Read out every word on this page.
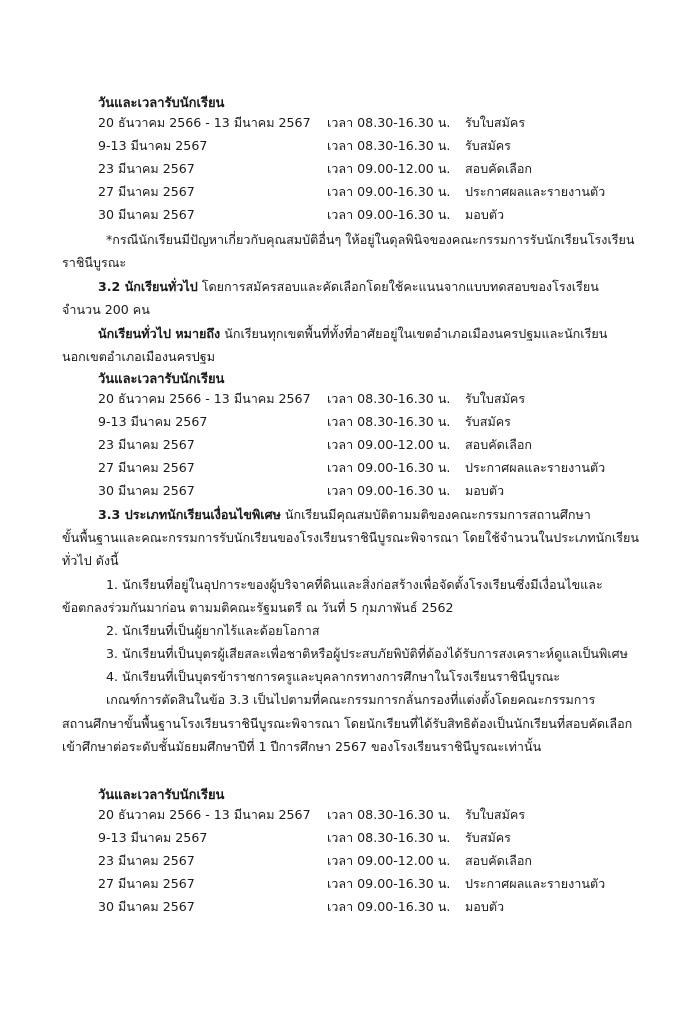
วันและเวลารับนักเรียน
20 ธันวาคม 2566 - 13 มีนาคม 2567 เวลา 08.30-16.30 น. รับใบสมัคร
9-13 มีนาคม 2567	เวลา 08.30-16.30 น. รับสมัคร
23 มีนาคม 2567	เวลา 09.00-12.00 น. สอบคัดเลือก
27 มีนาคม 2567	เวลา 09.00-16.30 น. ประกาศผลและรายงานตัว
30 มีนาคม 2567	เวลา 09.00-16.30 น. มอบตัว
*กรณีนักเรียนมีปัญหาเกี่ยวกับคุณสมบัติอื่นๆ ให้อยู่ในดุลพินิจของคณะกรรมการรับนักเรียนโรงเรียน
ราชินีบูรณะ
3.2 นักเรียนทั่วไป โดยการสมัครสอบและคัดเลือกโดยใช้คะแนนจากแบบทดสอบของโรงเรียน
จำนวน 200 คน
นักเรียนทั่วไป หมายถึง นักเรียนทุกเขตพื้นที่ทั้งที่อาศัยอยู่ในเขตอำเภอเมืองนครปฐมและนักเรียน
นอกเขตอำเภอเมืองนครปฐม
วันและเวลารับนักเรียน
20 ธันวาคม 2566 - 13 มีนาคม 2567 เวลา 08.30-16.30 น. รับใบสมัคร
9-13 มีนาคม 2567	เวลา 08.30-16.30 น. รับสมัคร
23 มีนาคม 2567	เวลา 09.00-12.00 น. สอบคัดเลือก
27 มีนาคม 2567	เวลา 09.00-16.30 น. ประกาศผลและรายงานตัว
30 มีนาคม 2567	เวลา 09.00-16.30 น. มอบตัว
3.3 ประเภทนักเรียนเงื่อนไขพิเศษ นักเรียนมีคุณสมบัติตามมติของคณะกรรมการสถานศึกษา
ขั้นพื้นฐานและคณะกรรมการรับนักเรียนของโรงเรียนราชินีบูรณะพิจารณา โดยใช้จำนวนในประเภทนักเรียน
ทั่วไป ดังนี้
1. นักเรียนที่อยู่ในอุปการะของผู้บริจาคที่ดินและสิ่งก่อสร้างเพื่อจัดตั้งโรงเรียนซึ่งมีเงื่อนไขและ
ข้อตกลงร่วมกันมาก่อน ตามมติคณะรัฐมนตรี ณ วันที่ 5 กุมภาพันธ์ 2562
2. นักเรียนที่เป็นผู้ยากไร้และด้อยโอกาส
3. นักเรียนที่เป็นบุตรผู้เสียสละเพื่อชาติหรือผู้ประสบภัยพิบัติที่ต้องได้รับการสงเคราะห์ดูแลเป็นพิเศษ
4. นักเรียนที่เป็นบุตรข้าราชการครูและบุคลากรทางการศึกษาในโรงเรียนราชินีบูรณะ
เกณฑ์การตัดสินในข้อ 3.3 เป็นไปตามที่คณะกรรมการกลั่นกรองที่แต่งตั้งโดยคณะกรรมการ
สถานศึกษาขั้นพื้นฐานโรงเรียนราชินีบูรณะพิจารณา โดยนักเรียนที่ได้รับสิทธิต้องเป็นนักเรียนที่สอบคัดเลือก
เข้าศึกษาต่อระดับชั้นมัธยมศึกษาปีที่ 1 ปีการศึกษา 2567 ของโรงเรียนราชินีบูรณะเท่านั้น
วันและเวลารับนักเรียน
20 ธันวาคม 2566 - 13 มีนาคม 2567 เวลา 08.30-16.30 น. รับใบสมัคร
9-13 มีนาคม 2567	เวลา 08.30-16.30 น. รับสมัคร
23 มีนาคม 2567	เวลา 09.00-12.00 น. สอบคัดเลือก
27 มีนาคม 2567	เวลา 09.00-16.30 น. ประกาศผลและรายงานตัว
30 มีนาคม 2567	เวลา 09.00-16.30 น. มอบตัว
